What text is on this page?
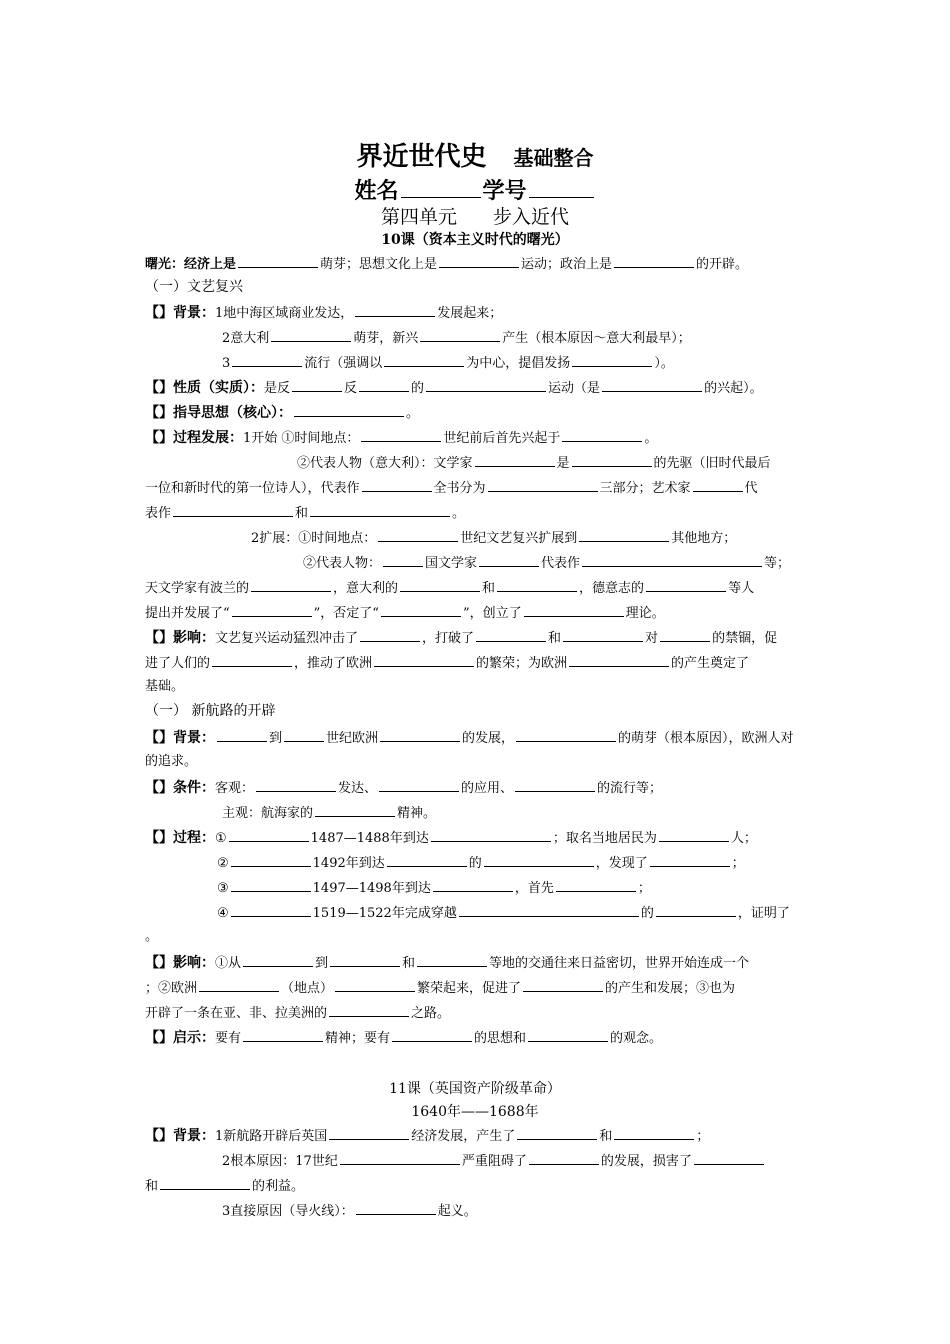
界近世代史 基础整合
姓名	学号
第四单元 步入近代
10课（资本主义时代的曙光）
曙光：经济上是	萌芽；思想文化上是	运动；政治上是	的开辟。
（一）文艺复兴
【】背景：1地中海区域商业发达，	发展起来；
2意大利	萌芽，新兴	产生（根本原因～意大利最早）；
3	流行（强调以	为中心，提倡发扬	）。
【】性质（实质）：是反	反	的	运动（是	的兴起）。
【】指导思想（核心）：	。
【】过程发展：1开始 ①时间地点：	世纪前后首先兴起于	。
②代表人物（意大利）：文学家	是	的先驱（旧时代最后
一位和新时代的第一位诗人），代表作	全书分为	三部分；艺术家	代
表作	和	。
2扩展：①时间地点：	世纪文艺复兴扩展到	其他地方；
②代表人物：	国文学家	代表作	等；
天文学家有波兰的	，意大利的	和	，德意志的	等人
提出并发展了“	”，否定了“	”，创立了	理论。
【】影响：文艺复兴运动猛烈冲击了	，打破了	和	对	的禁锢，促
进了人们的	，推动了欧洲	的繁荣；为欧洲	的产生奠定了
基础。
（一） 新航路的开辟
【】背景：	到	世纪欧洲	的发展，	的萌芽（根本原因），欧洲人对
的追求。
【】条件：客观：	发达、	的应用、	的流行等；
主观：航海家的	精神。
【】过程：①	1487—1488年到达	；取名当地居民为	人；
②	1492年到达	的	，发现了	；
③	1497—1498年到达	，首先	；
④	1519—1522年完成穿越	的	，证明了
。
【】影响：①从	到	和	等地的交通往来日益密切，世界开始连成一个
；②欧洲	（地点）	繁荣起来，促进了	的产生和发展；③也为
开辟了一条在亚、非、拉美洲的	之路。
【】启示：要有	精神；要有	的思想和	的观念。
11课（英国资产阶级革命）
1640年——1688年
【】背景：1新航路开辟后英国	经济发展，产生了	和	；
2根本原因：17世纪	严重阻碍了	的发展，损害了
和	的利益。
3直接原因（导火线）：	起义。
